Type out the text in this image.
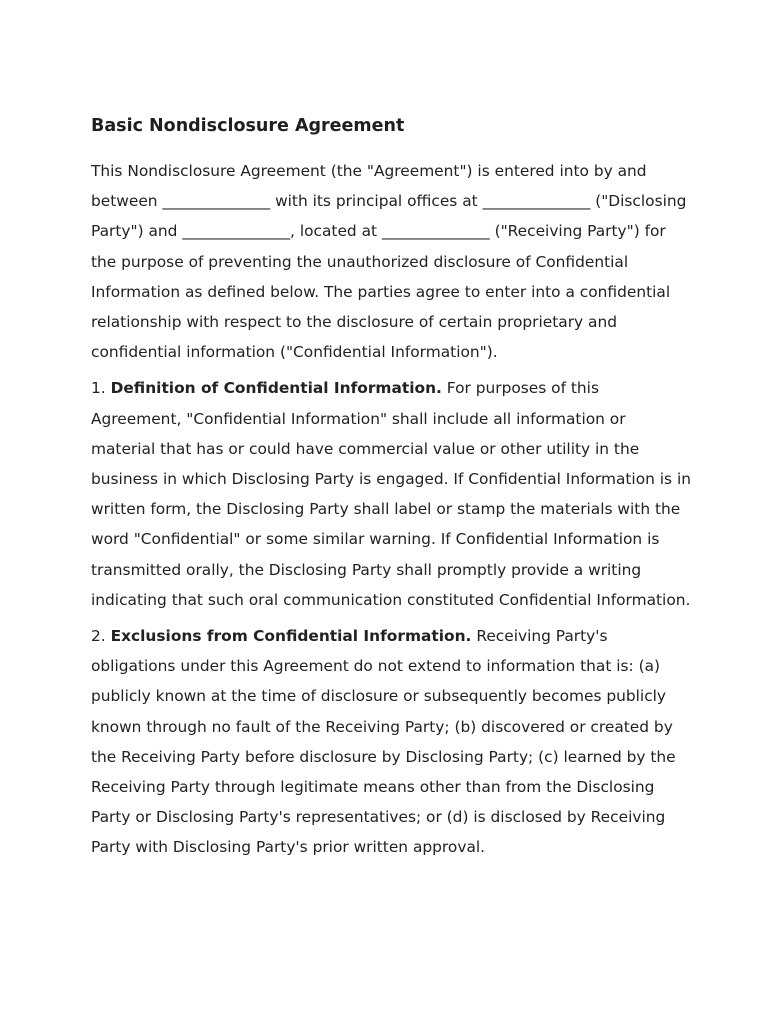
Basic Nondisclosure Agreement

This Nondisclosure Agreement (the "Agreement") is entered into by and between ______________ with its principal offices at ______________ ("Disclosing Party") and ______________, located at ______________ ("Receiving Party") for the purpose of preventing the unauthorized disclosure of Confidential Information as defined below. The parties agree to enter into a confidential relationship with respect to the disclosure of certain proprietary and confidential information ("Confidential Information").

1. Definition of Confidential Information. For purposes of this Agreement, "Confidential Information" shall include all information or material that has or could have commercial value or other utility in the business in which Disclosing Party is engaged. If Confidential Information is in written form, the Disclosing Party shall label or stamp the materials with the word "Confidential" or some similar warning. If Confidential Information is transmitted orally, the Disclosing Party shall promptly provide a writing indicating that such oral communication constituted Confidential Information.

2. Exclusions from Confidential Information. Receiving Party's obligations under this Agreement do not extend to information that is: (a) publicly known at the time of disclosure or subsequently becomes publicly known through no fault of the Receiving Party; (b) discovered or created by the Receiving Party before disclosure by Disclosing Party; (c) learned by the Receiving Party through legitimate means other than from the Disclosing Party or Disclosing Party's representatives; or (d) is disclosed by Receiving Party with Disclosing Party's prior written approval.
